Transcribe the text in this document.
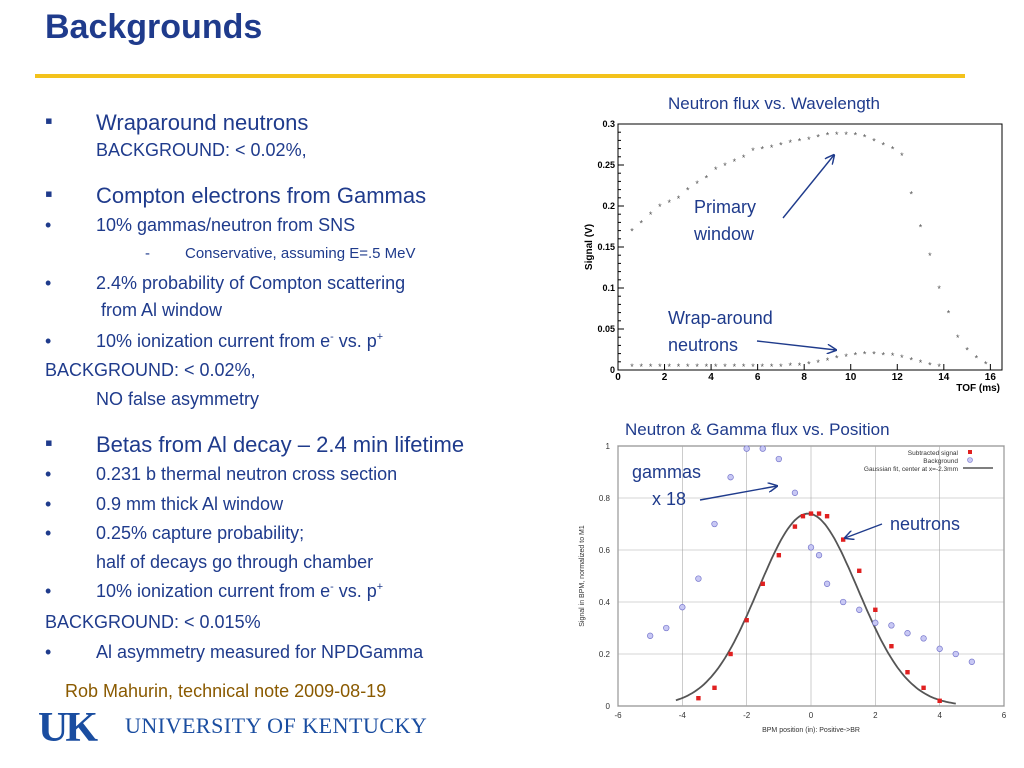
Backgrounds
▪ Wraparound neutrons
BACKGROUND: < 0.02%,
▪ Compton electrons from Gammas
• 10% gammas/neutron from SNS
- Conservative, assuming E=.5 MeV
• 2.4% probability of Compton scattering
from Al window
• 10% ionization current from e- vs. p+
BACKGROUND: < 0.02%,
NO false asymmetry
▪ Betas from Al decay – 2.4 min lifetime
• 0.231 b thermal neutron cross section
• 0.9 mm thick Al window
• 0.25% capture probability;
half of decays go through chamber
• 10% ionization current from e- vs. p+
BACKGROUND: < 0.015%
• Al asymmetry measured for NPDGamma
Rob Mahurin, technical note 2009-08-19
UK UNIVERSITY OF KENTUCKY
Neutron flux vs. Wavelength
0
0.05
0.1
0.15
0.2
0.25
0.3
0	2	4	6	8	10	12	14	16
Signal (V)
TOF (ms)
*
*
*
* * *
*
*
*
* * * *
* * * * * * * * * * * * * * * *
*
*
*
*
*
*
*
*
*
*
* * * * * * * * * * * * * * * * * * * * * * * * * * * * * * * * * *
Primary
window
Wrap-around
neutrons
Neutron & Gamma flux vs. Position
-6	-4	-2	0	2	4	6
0
0.2
0.4
0.6
0.8
1
Signal in BPM, normalized to M1
BPM position (in): Positive->BR
Subtracted signal
Background
Gaussian fit, center at x=-2.3mm
gammas
x 18
neutrons
